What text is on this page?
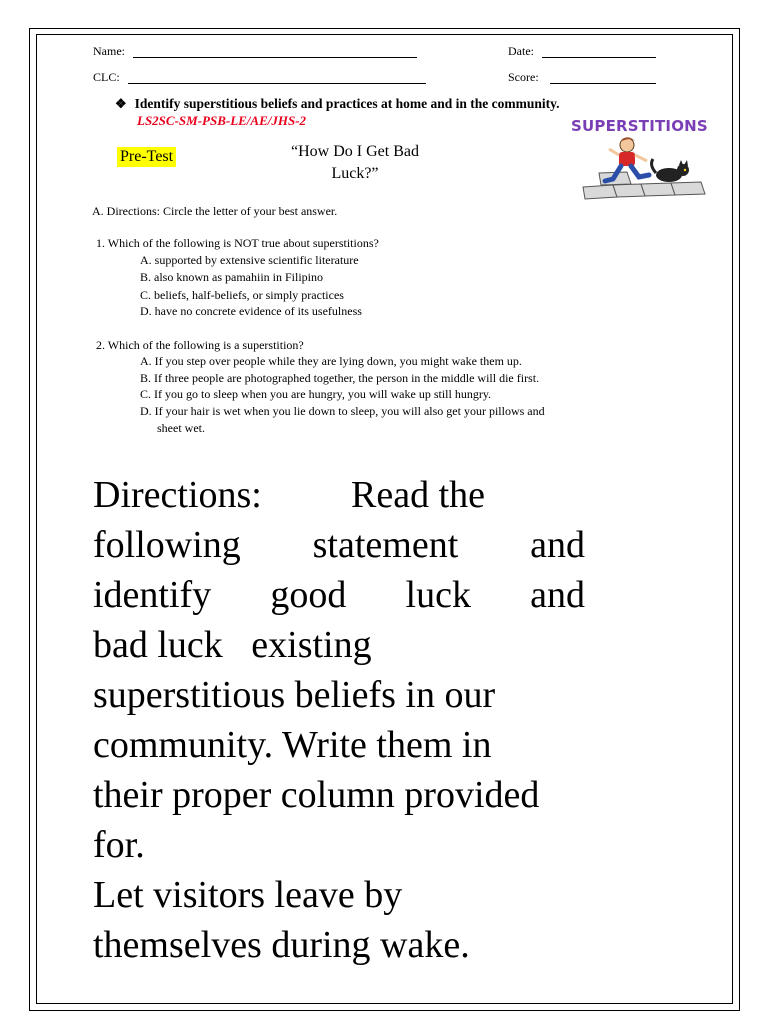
Name:	Date:
CLC:	Score:
❖ Identify superstitious beliefs and practices at home and in the community.
LS2SC-SM-PSB-LE/AE/JHS-2
Pre-Test	“How Do I Get Bad
Luck?”
SUPERSTITIONS
A. Directions: Circle the letter of your best answer.
1. Which of the following is NOT true about superstitions?
A. supported by extensive scientific literature
B. also known as pamahiin in Filipino
C. beliefs, half-beliefs, or simply practices
D. have no concrete evidence of its usefulness
2. Which of the following is a superstition?
A. If you step over people while they are lying down, you might wake them up.
B. If three people are photographed together, the person in the middle will die first.
C. If you go to sleep when you are hungry, you will wake up still hungry.
D. If your hair is wet when you lie down to sleep, you will also get your pillows and
sheet wet.
Directions: Read the
following statement and
identify good luck and
bad luck   existing
superstitious beliefs in our
community. Write them in
their proper column provided
for.
Let visitors leave by
themselves during wake.
